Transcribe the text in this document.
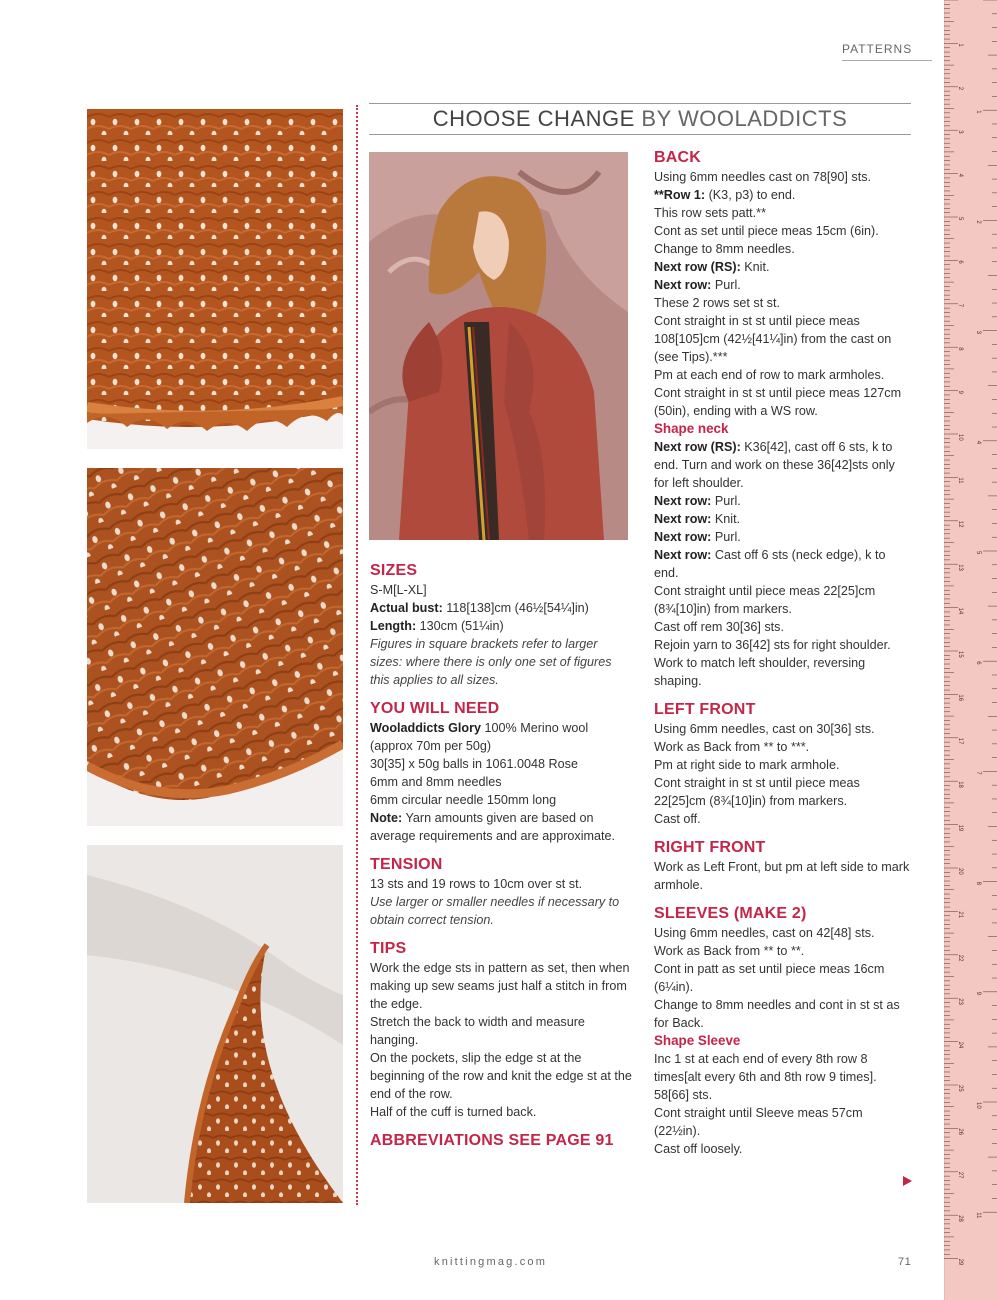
PATTERNS
CHOOSE CHANGE BY WOOLADDICTS
SIZES

S-M[L-XL]

Actual bust: 118[138]cm (46½[54¼]in)

Length: 130cm (51¼in)

Figures in square brackets refer to larger sizes: where there is only one set of figures this applies to all sizes.

YOU WILL NEED

Wooladdicts Glory 100% Merino wool (approx 70m per 50g)

30[35] x 50g balls in 1061.0048 Rose

6mm and 8mm needles

6mm circular needle 150mm long

Note: Yarn amounts given are based on average requirements and are approximate.

TENSION

13 sts and 19 rows to 10cm over st st.

Use larger or smaller needles if necessary to obtain correct tension.

TIPS

Work the edge sts in pattern as set, then when making up sew seams just half a stitch in from the edge.

Stretch the back to width and measure hanging.

On the pockets, slip the edge st at the beginning of the row and knit the edge st at the end of the row.

Half of the cuff is turned back.

ABBREVIATIONS SEE PAGE 91
BACK

Using 6mm needles cast on 78[90] sts.

**Row 1: (K3, p3) to end.

This row sets patt.**

Cont as set until piece meas 15cm (6in).

Change to 8mm needles.

Next row (RS): Knit.

Next row: Purl.

These 2 rows set st st.

Cont straight in st st until piece meas 108[105]cm (42½[41¼]in) from the cast on (see Tips).***

Pm at each end of row to mark armholes.

Cont straight in st st until piece meas 127cm (50in), ending with a WS row.

Shape neck

Next row (RS): K36[42], cast off 6 sts, k to end. Turn and work on these 36[42]sts only for left shoulder.

Next row: Purl.

Next row: Knit.

Next row: Purl.

Next row: Cast off 6 sts (neck edge), k to end.

Cont straight until piece meas 22[25]cm (8¾[10]in) from markers.

Cast off rem 30[36] sts.

Rejoin yarn to 36[42] sts for right shoulder.

Work to match left shoulder, reversing shaping.

LEFT FRONT

Using 6mm needles, cast on 30[36] sts.

Work as Back from ** to ***.

Pm at right side to mark armhole.

Cont straight in st st until piece meas 22[25]cm (8¾[10]in) from markers.

Cast off.

RIGHT FRONT

Work as Left Front, but pm at left side to mark armhole.

SLEEVES (MAKE 2)

Using 6mm needles, cast on 42[48] sts.

Work as Back from ** to **.

Cont in patt as set until piece meas 16cm (6¼in).

Change to 8mm needles and cont in st st as for Back.

Shape Sleeve

Inc 1 st at each end of every 8th row 8 times[alt every 6th and 8th row 9 times]. 58[66] sts.

Cont straight until Sleeve meas 57cm (22½in).

Cast off loosely.

knittingmag.com	71
1
2
3
4
5
6
7
8
9
10
11
12
13
14
15
16
17
18
19
20
21
22
23
24
25
26
27
28
29
1
2
3
4
5
6
7
8
9
10
11
